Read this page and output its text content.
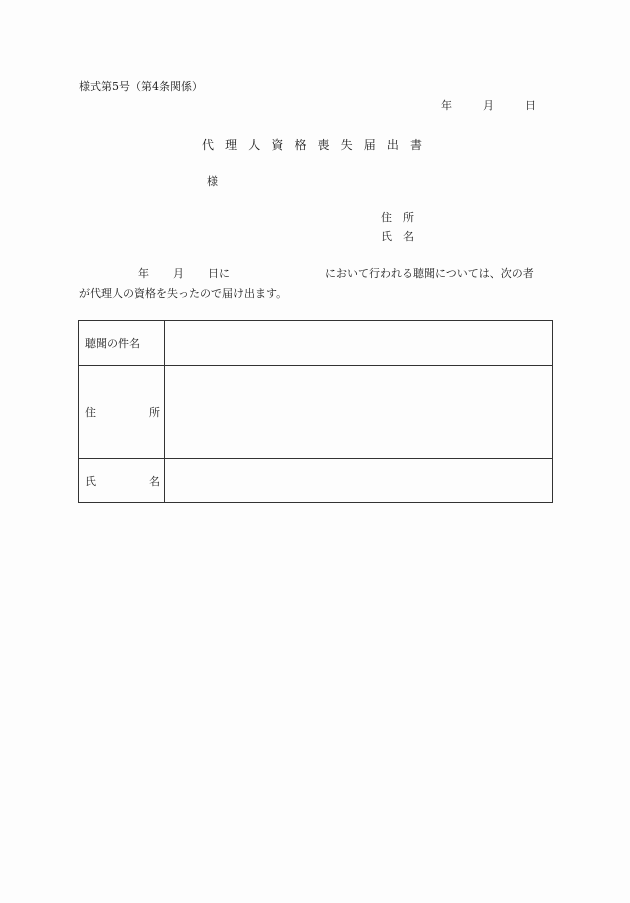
様式第5号（第4条関係）
年	月	日
代 理 人 資 格 喪 失 届 出 書
様
住　所
氏　名
年 月 日に	において行われる聴聞については、次の者
が代理人の資格を失ったので届け出ます。
聴聞の件名	

住 所	

氏 名	
